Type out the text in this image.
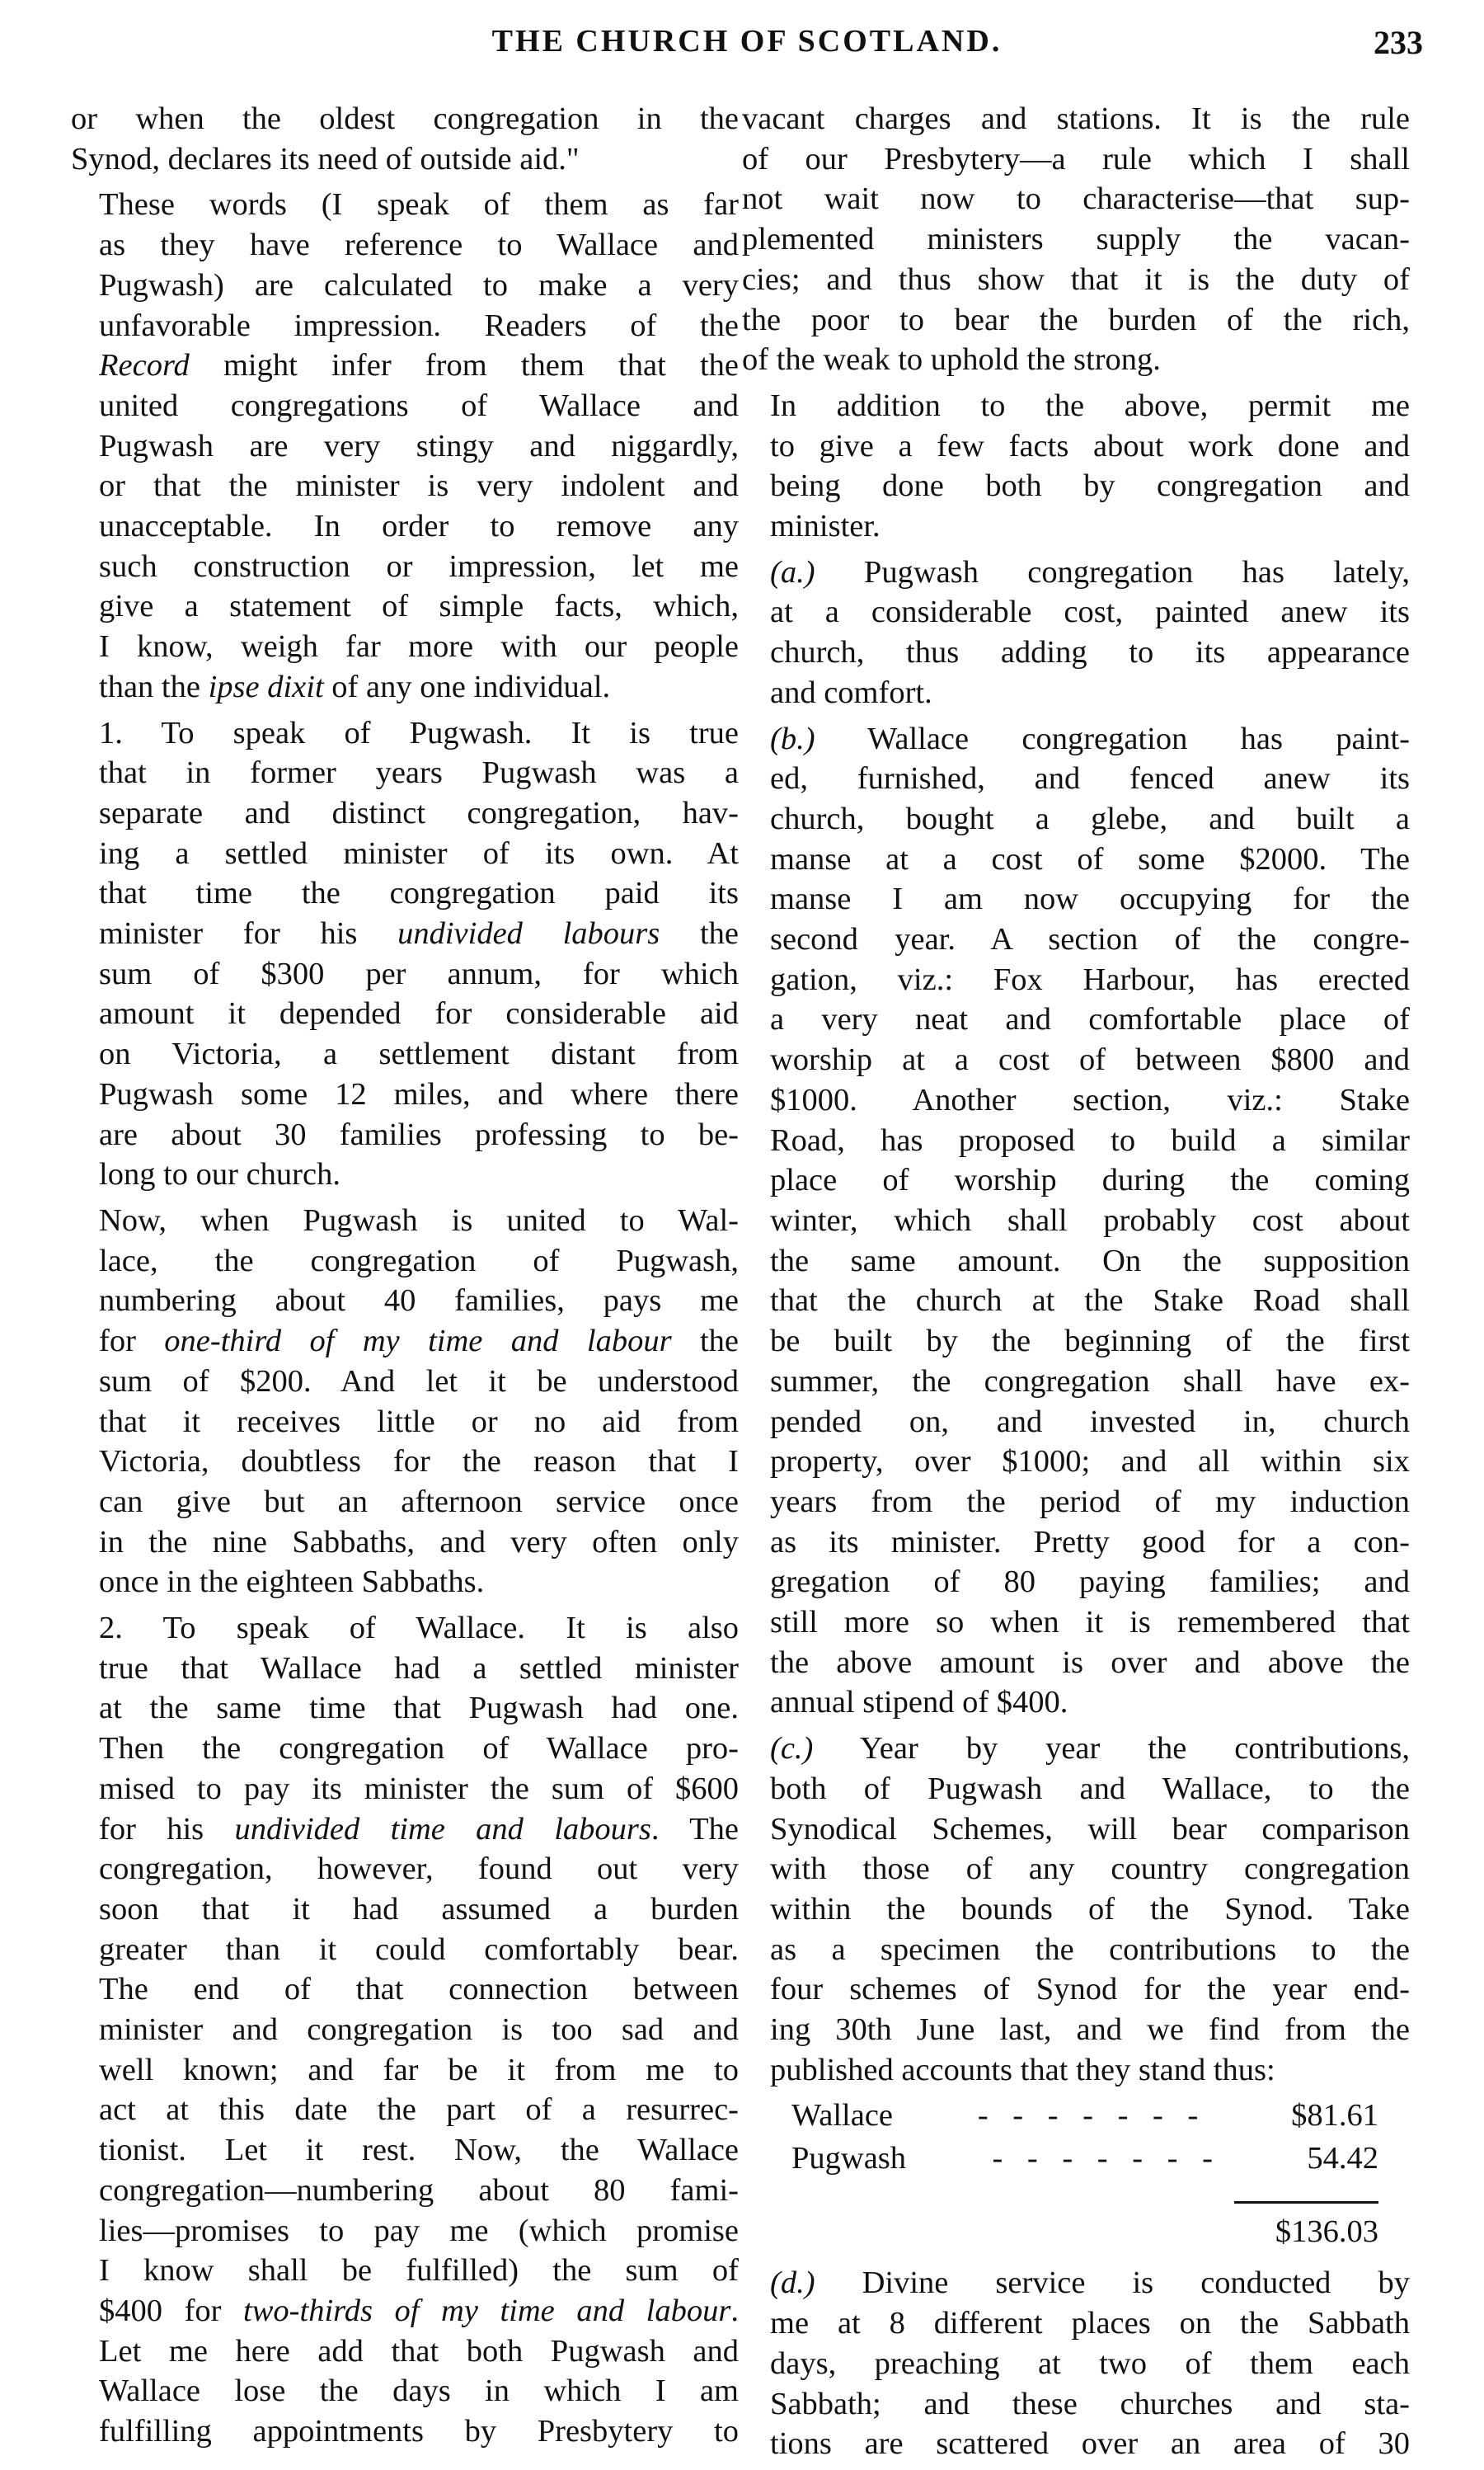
THE CHURCH OF SCOTLAND.	233
or when the oldest congregation in the
Synod, declares its need of outside aid."
These words (I speak of them as far
as they have reference to Wallace and
Pugwash) are calculated to make a very
unfavorable impression. Readers of the
Record might infer from them that the
united congregations of Wallace and
Pugwash are very stingy and niggardly,
or that the minister is very indolent and
unacceptable. In order to remove any
such construction or impression, let me
give a statement of simple facts, which,
I know, weigh far more with our people
than the ipse dixit of any one individual.
1. To speak of Pugwash. It is true
that in former years Pugwash was a
separate and distinct congregation, hav-
ing a settled minister of its own. At
that time the congregation paid its
minister for his undivided labours the
sum of $300 per annum, for which
amount it depended for considerable aid
on Victoria, a settlement distant from
Pugwash some 12 miles, and where there
are about 30 families professing to be-
long to our church.
Now, when Pugwash is united to Wal-
lace, the congregation of Pugwash,
numbering about 40 families, pays me
for one-third of my time and labour the
sum of $200. And let it be understood
that it receives little or no aid from
Victoria, doubtless for the reason that I
can give but an afternoon service once
in the nine Sabbaths, and very often only
once in the eighteen Sabbaths.
2. To speak of Wallace. It is also
true that Wallace had a settled minister
at the same time that Pugwash had one.
Then the congregation of Wallace pro-
mised to pay its minister the sum of $600
for his undivided time and labours. The
congregation, however, found out very
soon that it had assumed a burden
greater than it could comfortably bear.
The end of that connection between
minister and congregation is too sad and
well known; and far be it from me to
act at this date the part of a resurrec-
tionist. Let it rest. Now, the Wallace
congregation—numbering about 80 fami-
lies—promises to pay me (which promise
I know shall be fulfilled) the sum of
$400 for two-thirds of my time and labour.
Let me here add that both Pugwash and
Wallace lose the days in which I am
fulfilling appointments by Presbytery to
vacant charges and stations. It is the rule
of our Presbytery—a rule which I shall
not wait now to characterise—that sup-
plemented ministers supply the vacan-
cies; and thus show that it is the duty of
the poor to bear the burden of the rich,
of the weak to uphold the strong.
In addition to the above, permit me
to give a few facts about work done and
being done both by congregation and
minister.
(a.) Pugwash congregation has lately,
at a considerable cost, painted anew its
church, thus adding to its appearance
and comfort.
(b.) Wallace congregation has paint-
ed, furnished, and fenced anew its
church, bought a glebe, and built a
manse at a cost of some $2000. The
manse I am now occupying for the
second year. A section of the congre-
gation, viz.: Fox Harbour, has erected
a very neat and comfortable place of
worship at a cost of between $800 and
$1000. Another section, viz.: Stake
Road, has proposed to build a similar
place of worship during the coming
winter, which shall probably cost about
the same amount. On the supposition
that the church at the Stake Road shall
be built by the beginning of the first
summer, the congregation shall have ex-
pended on, and invested in, church
property, over $1000; and all within six
years from the period of my induction
as its minister. Pretty good for a con-
gregation of 80 paying families; and
still more so when it is remembered that
the above amount is over and above the
annual stipend of $400.
(c.) Year by year the contributions,
both of Pugwash and Wallace, to the
Synodical Schemes, will bear comparison
with those of any country congregation
within the bounds of the Synod. Take
as a specimen the contributions to the
four schemes of Synod for the year end-
ing 30th June last, and we find from the
published accounts that they stand thus:
Wallace	- - - - - - -	$81.61
Pugwash	- - - - - - -	54.42
$136.03
(d.) Divine service is conducted by
me at 8 different places on the Sabbath
days, preaching at two of them each
Sabbath; and these churches and sta-
tions are scattered over an area of 30
